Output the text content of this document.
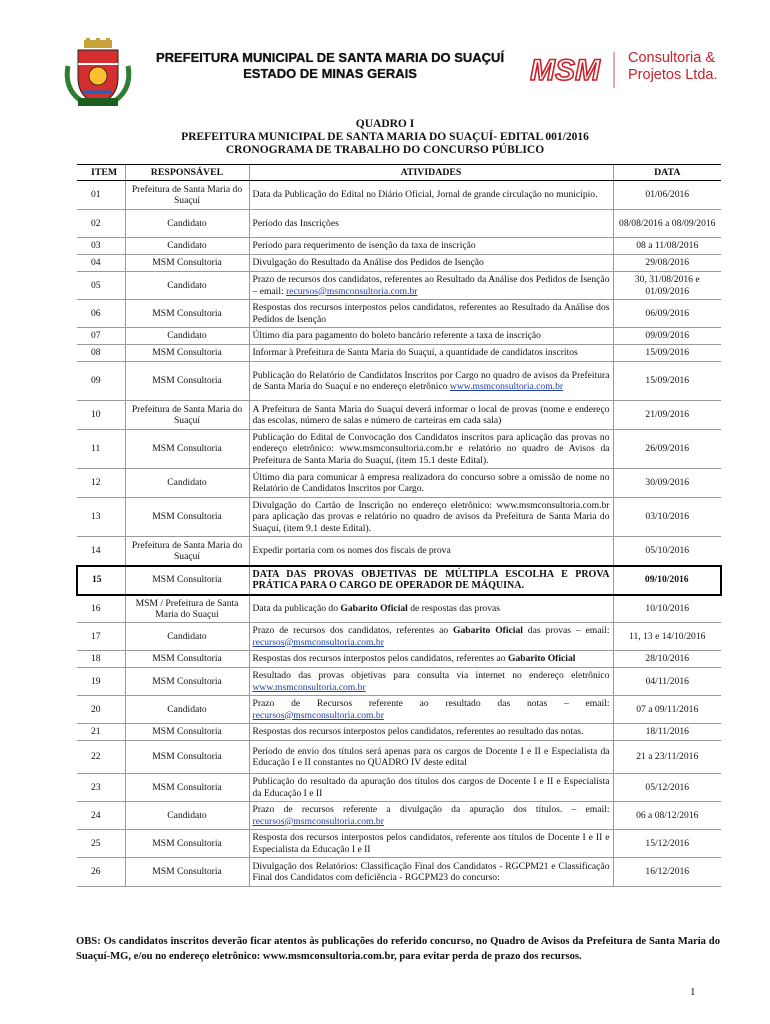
PREFEITURA MUNICIPAL DE SANTA MARIA DO SUAÇUÍ
ESTADO DE MINAS GERAIS	MSM Consultoria &
Projetos Ltda.
QUADRO I
PREFEITURA MUNICIPAL DE SANTA MARIA DO SUAÇUÍ- EDITAL 001/2016
CRONOGRAMA DE TRABALHO DO CONCURSO PÚBLICO
ITEM	RESPONSÁVEL	ATIVIDADES	DATA
01	Prefeitura de Santa Maria do Suaçuí	Data da Publicação do Edital no Diário Oficial, Jornal de grande circulação no município.	01/06/2016
02	Candidato	Período das Inscrições	08/08/2016 a 08/09/2016
03	Candidato	Período para requerimento de isenção da taxa de inscrição	08 a 11/08/2016
04	MSM Consultoria	Divulgação do Resultado da Análise dos Pedidos de Isenção	29/08/2016
05	Candidato	Prazo de recursos dos candidatos, referentes ao Resultado da Análise dos Pedidos de Isenção – email: recursos@msmconsultoria.com.br	30, 31/08/2016 e 01/09/2016
06	MSM Consultoria	Respostas dos recursos interpostos pelos candidatos, referentes ao Resultado da Análise dos Pedidos de Isenção	06/09/2016
07	Candidato	Último dia para pagamento do boleto bancário referente a taxa de inscrição	09/09/2016
08	MSM Consultoria	Informar à Prefeitura de Santa Maria do Suaçuí, a quantidade de candidatos inscritos	15/09/2016
09	MSM Consultoria	Publicação do Relatório de Candidatos Inscritos por Cargo no quadro de avisos da Prefeitura de Santa Maria do Suaçuí e no endereço eletrônico www.msmconsultoria.com.br	15/09/2016
10	Prefeitura de Santa Maria do Suaçuí	A Prefeitura de Santa Maria do Suaçuí deverá informar o local de provas (nome e endereço das escolas, número de salas e número de carteiras em cada sala)	21/09/2016
11	MSM Consultoria	Publicação do Edital de Convocação dos Candidatos inscritos para aplicação das provas no endereço eletrônico: www.msmconsultoria.com.br e relatório no quadro de Avisos da Prefeitura de Santa Maria do Suaçuí, (item 15.1 deste Edital).	26/09/2016
12	Candidato	Último dia para comunicar à empresa realizadora do concurso sobre a omissão de nome no Relatório de Candidatos Inscritos por Cargo.	30/09/2016
13	MSM Consultoria	Divulgação do Cartão de Inscrição no endereço eletrônico: www.msmconsultoria.com.br para aplicação das provas e relatório no quadro de avisos da Prefeitura de Santa Maria do Suaçuí, (item 9.1 deste Edital).	03/10/2016
14	Prefeitura de Santa Maria do Suaçuí	Expedir portaria com os nomes dos fiscais de prova	05/10/2016
15	MSM Consultoria	DATA DAS PROVAS OBJETIVAS DE MÚLTIPLA ESCOLHA E PROVA PRÁTICA PARA O CARGO DE OPERADOR DE MÁQUINA.	09/10/2016
16	MSM / Prefeitura de Santa Maria do Suaçuí	Data da publicação do Gabarito Oficial de respostas das provas	10/10/2016
17	Candidato	Prazo de recursos dos candidatos, referentes ao Gabarito Oficial das provas – email: recursos@msmconsultoria.com.br	11, 13 e 14/10/2016
18	MSM Consultoria	Respostas dos recursos interpostos pelos candidatos, referentes ao Gabarito Oficial	28/10/2016
19	MSM Consultoria	Resultado das provas objetivas para consulta via internet no endereço eletrônico www.msmconsultoria.com.br	04/11/2016
20	Candidato	Prazo de Recursos referente ao resultado das notas – email: recursos@msmconsultoria.com.br	07 a 09/11/2016
21	MSM Consultoria	Respostas dos recursos interpostos pelos candidatos, referentes ao resultado das notas.	18/11/2016
22	MSM Consultoria	Período de envio dos títulos será apenas para os cargos de Docente I e II e Especialista da Educação I e II constantes no QUADRO IV deste edital	21 a 23/11/2016
23	MSM Consultoria	Publicação do resultado da apuração dos títulos dos cargos de Docente I e II e Especialista da Educação I e II	05/12/2016
24	Candidato	Prazo de recursos referente a divulgação da apuração dos títulos. – email: recursos@msmconsultoria.com.br	06 a 08/12/2016
25	MSM Consultoria	Resposta dos recursos interpostos pelos candidatos, referente aos títulos de Docente I e II e Especialista da Educação I e II	15/12/2016
26	MSM Consultoria	Divulgação dos Relatórios: Classificação Final dos Candidatos - RGCPM21 e Classificação Final dos Candidatos com deficiência - RGCPM23 do concurso:	16/12/2016
OBS: Os candidatos inscritos deverão ficar atentos às publicações do referido concurso, no Quadro de Avisos da Prefeitura de Santa Maria do Suaçuí-MG, e/ou no endereço eletrônico: www.msmconsultoria.com.br, para evitar perda de prazo dos recursos.
1
